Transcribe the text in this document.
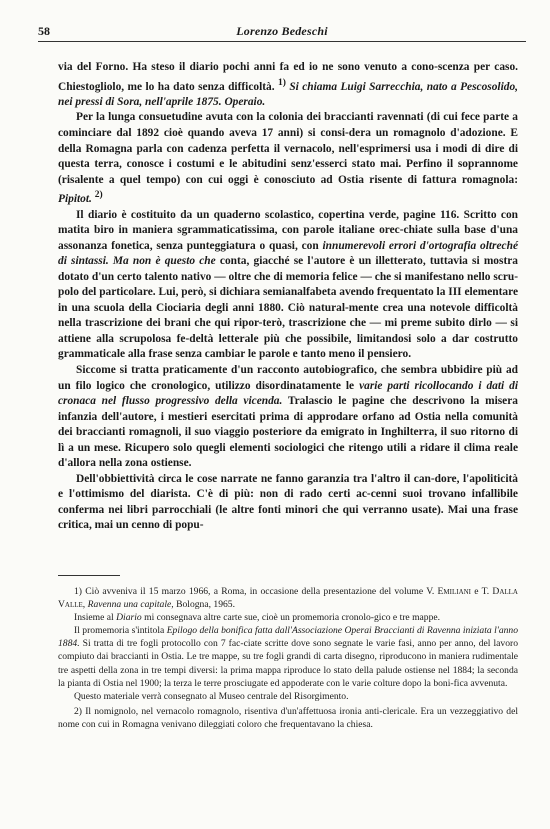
58	Lorenzo Bedeschi

via del Forno. Ha steso il diario pochi anni fa ed io ne sono venuto a cono-scenza per caso. Chiestogliolo, me lo ha dato senza difficoltà. $^{1)}$ Si chiama Luigi Sarrecchia, nato a Pescosolido, nei pressi di Sora, nell'aprile 1875. Operaio.

Per la lunga consuetudine avuta con la colonia dei braccianti ravennati (di cui fece parte a cominciare dal 1892 cioè quando aveva 17 anni) si consi-dera un romagnolo d'adozione. E della Romagna parla con cadenza perfetta il vernacolo, nell'esprimersi usa i modi di dire di questa terra, conosce i costumi e le abitudini senz'esserci stato mai. Perfino il soprannome (risalente a quel tempo) con cui oggi è conosciuto ad Ostia risente di fattura romagnola: Pipitot. $^{2)}$

Il diario è costituito da un quaderno scolastico, copertina verde, pagine 116. Scritto con matita biro in maniera sgrammaticatissima, con parole italiane orec-chiate sulla base d'una assonanza fonetica, senza punteggiatura o quasi, con innumerevoli errori d'ortografia oltreché di sintassi. Ma non è questo che conta, giacché se l'autore è un illetterato, tuttavia si mostra dotato d'un certo talento nativo — oltre che di memoria felice — che si manifestano nello scru-polo del particolare. Lui, però, si dichiara semianalfabeta avendo frequentato la III elementare in una scuola della Ciociaria degli anni 1880. Ciò natural-mente crea una notevole difficoltà nella trascrizione dei brani che qui ripor-terò, trascrizione che — mi preme subito dirlo — si attiene alla scrupolosa fe-deltà letterale più che possibile, limitandosi solo a dar costrutto grammaticale alla frase senza cambiar le parole e tanto meno il pensiero.

Siccome si tratta praticamente d'un racconto autobiografico, che sembra ubbidire più ad un filo logico che cronologico, utilizzo disordinatamente le varie parti ricollocando i dati di cronaca nel flusso progressivo della vicenda. Tralascio le pagine che descrivono la misera infanzia dell'autore, i mestieri esercitati prima di approdare orfano ad Ostia nella comunità dei braccianti romagnoli, il suo viaggio posteriore da emigrato in Inghilterra, il suo ritorno di lì a un mese. Ricupero solo quegli elementi sociologici che ritengo utili a ridare il clima reale d'allora nella zona ostiense.

Dell'obbiettività circa le cose narrate ne fanno garanzia tra l'altro il can-dore, l'apoliticità e l'ottimismo del diarista. C'è di più: non di rado certi ac-cenni suoi trovano infallibile conferma nei libri parrocchiali (le altre fonti minori che qui verranno usate). Mai una frase critica, mai un cenno di popu-

1) Ciò avveniva il 15 marzo 1966, a Roma, in occasione della presentazione del volume V. Emiliani e T. Dalla Valle, Ravenna una capitale, Bologna, 1965.

Insieme al Diario mi consegnava altre carte sue, cioè un promemoria cronolo-gico e tre mappe.

Il promemoria s'intitola Epilogo della bonifica fatta dall'Associazione Operai Braccianti di Ravenna iniziata l'anno 1884. Si tratta di tre fogli protocollo con 7 fac-ciate scritte dove sono segnate le varie fasi, anno per anno, del lavoro compiuto dai braccianti in Ostia. Le tre mappe, su tre fogli grandi di carta disegno, riproducono in maniera rudimentale tre aspetti della zona in tre tempi diversi: la prima mappa riproduce lo stato della palude ostiense nel 1884; la seconda la pianta di Ostia nel 1900; la terza le terre prosciugate ed appoderate con le varie colture dopo la boni-fica avvenuta.

Questo materiale verrà consegnato al Museo centrale del Risorgimento.

2) Il nomignolo, nel vernacolo romagnolo, risentiva d'un'affettuosa ironia anti-clericale. Era un vezzeggiativo del nome con cui in Romagna venivano dileggiati coloro che frequentavano la chiesa.
